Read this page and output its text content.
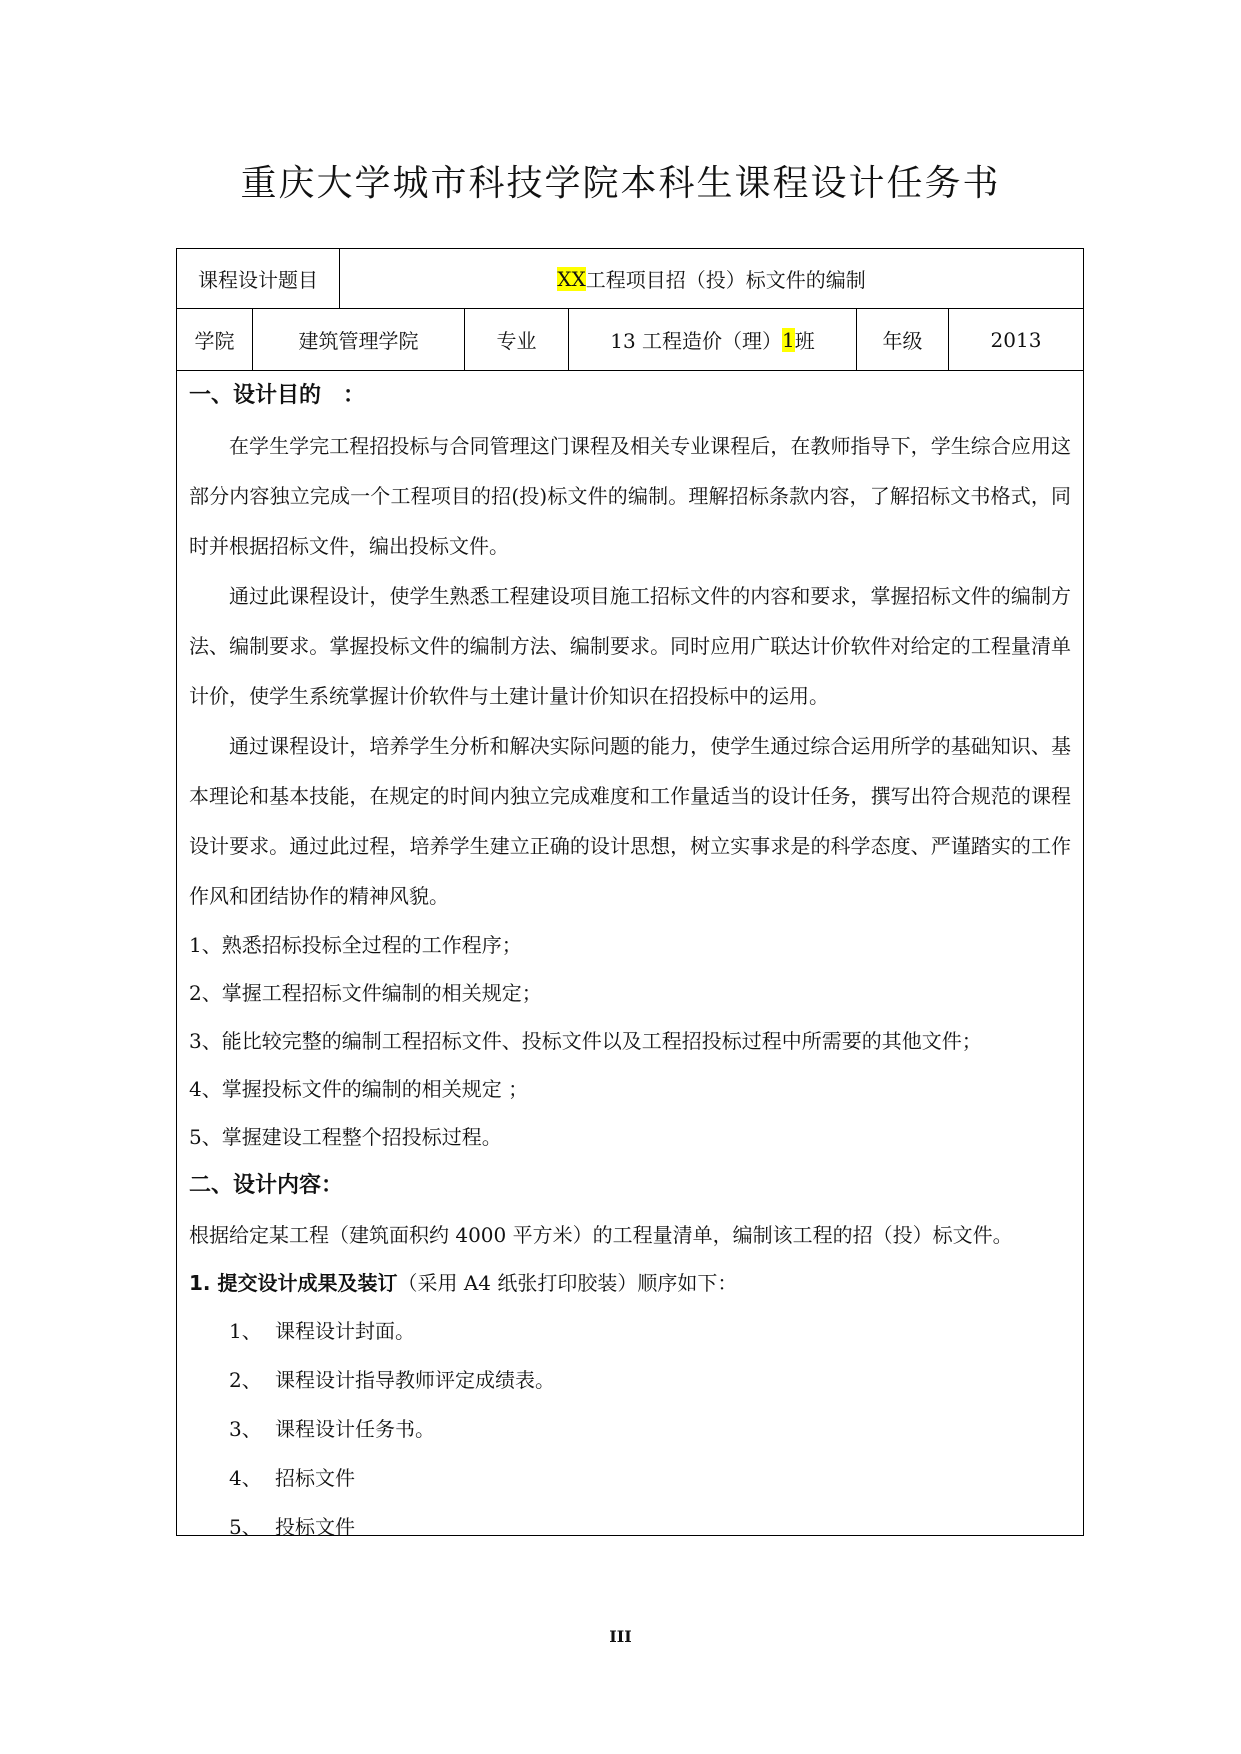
重庆大学城市科技学院本科生课程设计任务书
课程设计题目	XX 工程项目招（投）标文件的编制
学院	建筑管理学院	专业	13 工程造价（理） 1 班	年级	2013
一、设计目的　：
在学生学完工程招投标与合同管理这门课程及相关专业课程后，在教师指导下，学生综合应用这部分内容独立完成一个工程项目的招(投)标文件的编制。理解招标条款内容，了解招标文书格式，同时并根据招标文件，编出投标文件。
通过此课程设计，使学生熟悉工程建设项目施工招标文件的内容和要求，掌握招标文件的编制方法、编制要求。掌握投标文件的编制方法、编制要求。同时应用广联达计价软件对给定的工程量清单计价，使学生系统掌握计价软件与土建计量计价知识在招投标中的运用。
通过课程设计，培养学生分析和解决实际问题的能力，使学生通过综合运用所学的基础知识、基本理论和基本技能，在规定的时间内独立完成难度和工作量适当的设计任务，撰写出符合规范的课程设计要求。通过此过程，培养学生建立正确的设计思想，树立实事求是的科学态度、严谨踏实的工作作风和团结协作的精神风貌。
1、熟悉招标投标全过程的工作程序；
2、掌握工程招标文件编制的相关规定；
3、能比较完整的编制工程招标文件、投标文件以及工程招投标过程中所需要的其他文件；
4、掌握投标文件的编制的相关规定 ；
5、掌握建设工程整个招投标过程。
二、设计内容：
根据给定某工程（建筑面积约 4000 平方米）的工程量清单，编制该工程的招（投）标文件。
1. 提交设计成果及装订（采用 A4 纸张打印胶装）顺序如下：
1、 课程设计封面。
2、 课程设计指导教师评定成绩表。
3、 课程设计任务书。
4、 招标文件
5、 投标文件
III
